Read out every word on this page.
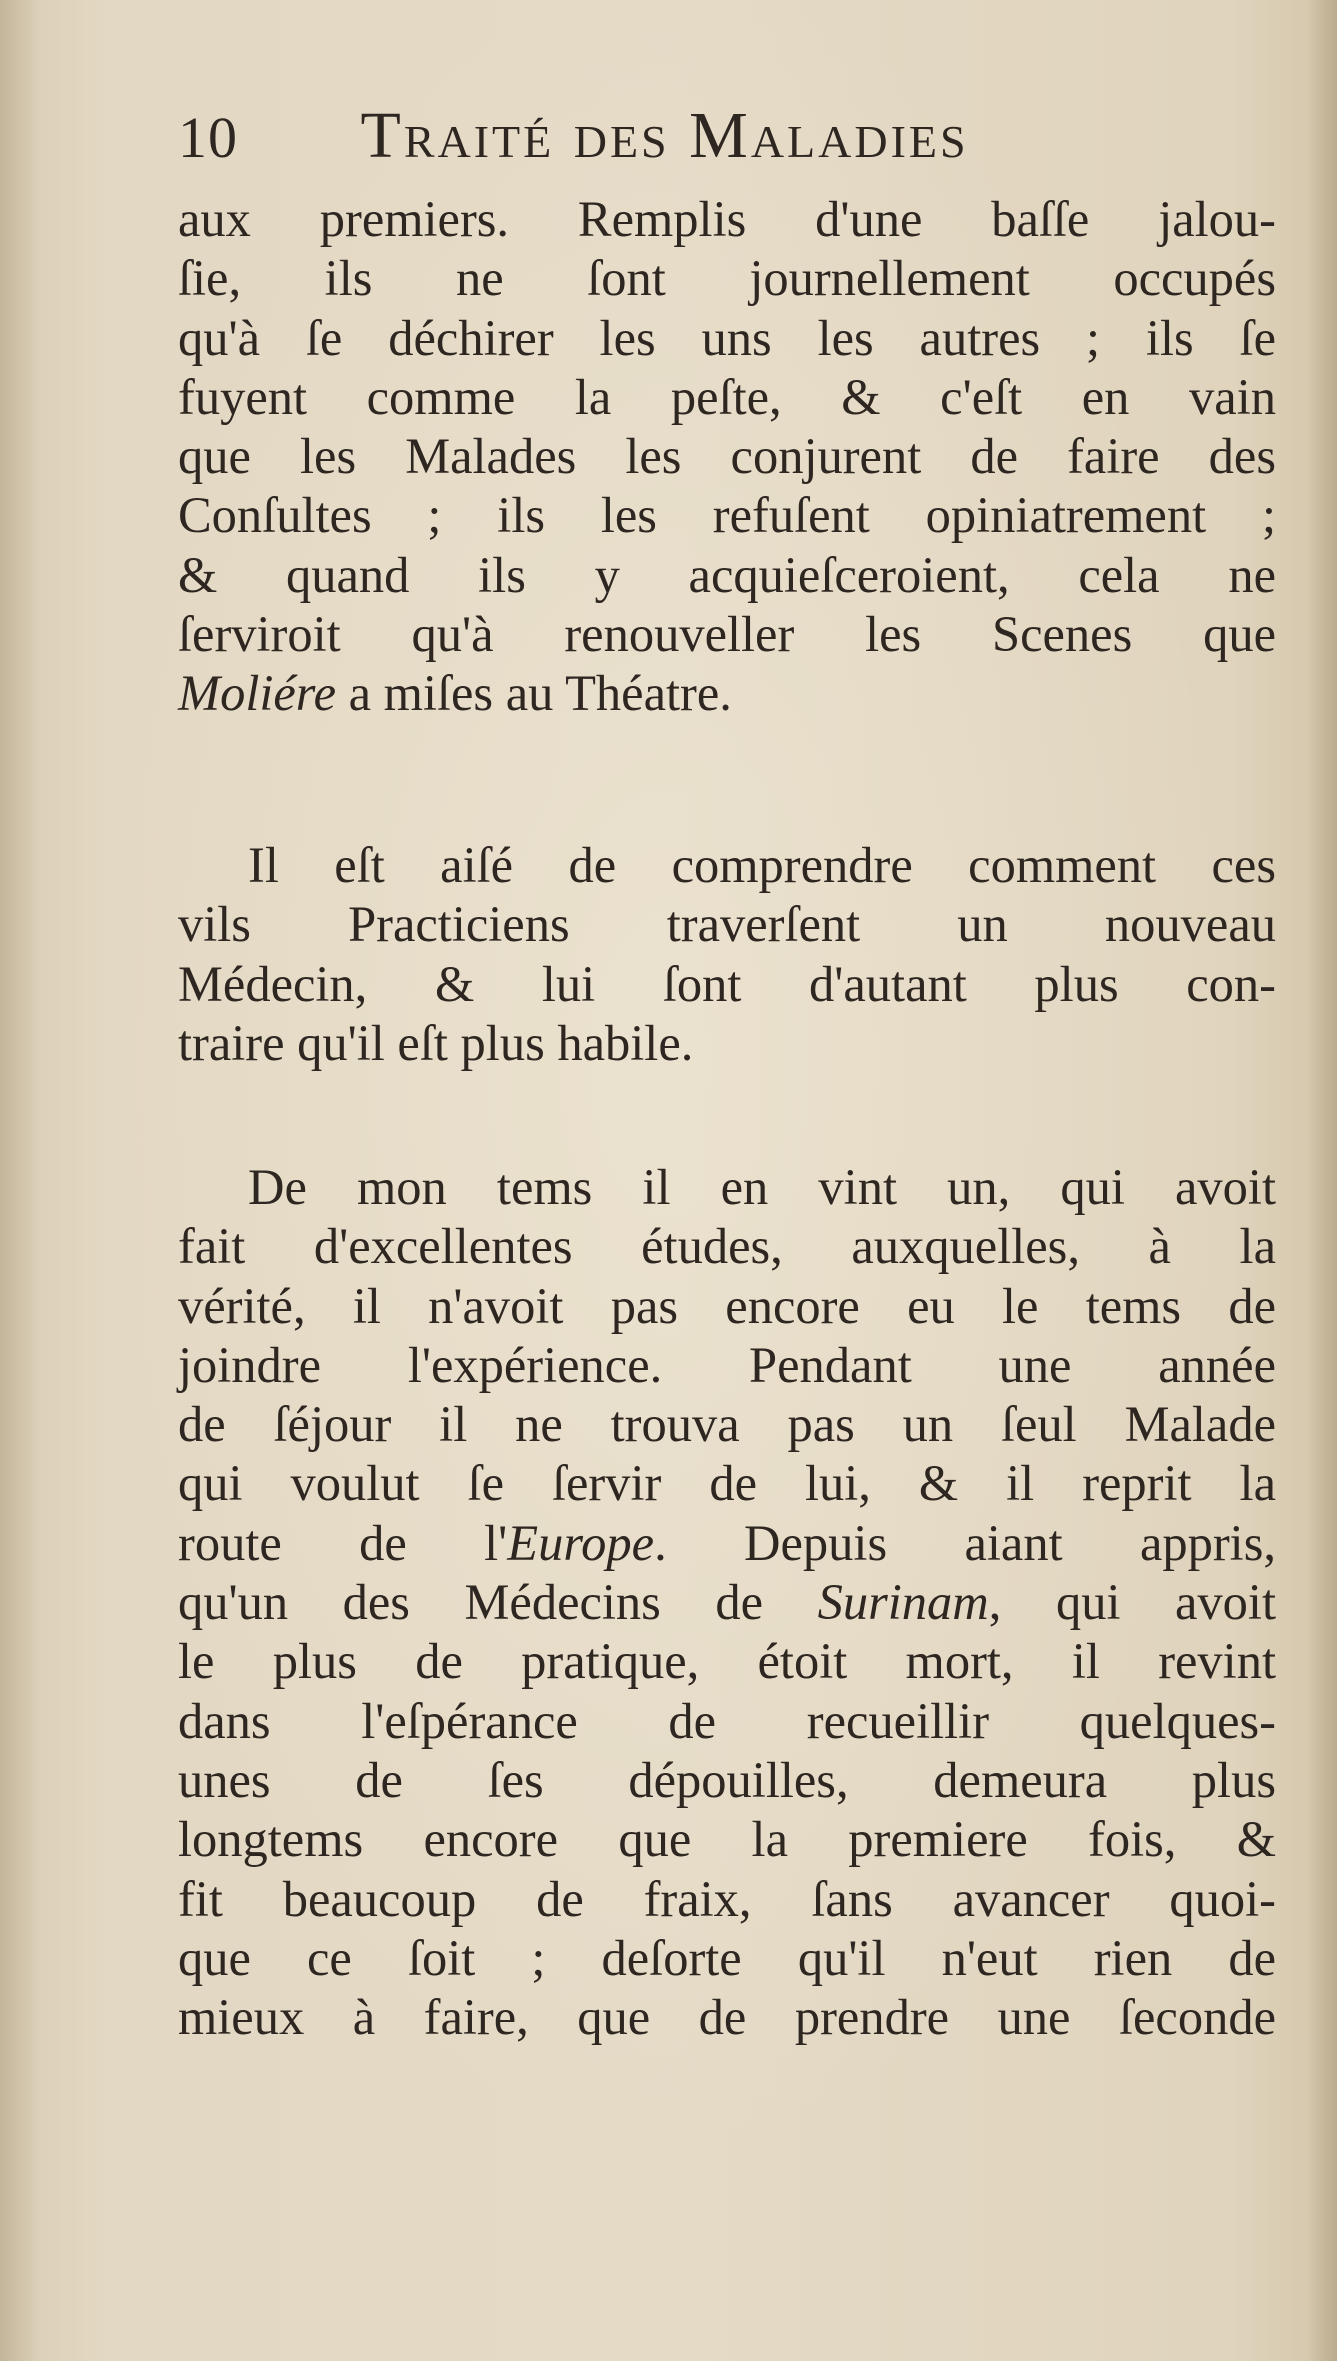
10 Traité des Maladies
aux premiers. Remplis d'une baſſe jalou-
ſie, ils ne ſont journellement occupés
qu'à ſe déchirer les uns les autres ; ils ſe
fuyent comme la peſte, & c'eſt en vain
que les Malades les conjurent de faire des
Conſultes ; ils les refuſent opiniatrement ;
& quand ils y acquieſceroient, cela ne
ſerviroit qu'à renouveller les Scenes que
Moliére a miſes au Théatre.
Il eſt aiſé de comprendre comment ces
vils Practiciens traverſent un nouveau
Médecin, & lui ſont d'autant plus con-
traire qu'il eſt plus habile.
De mon tems il en vint un, qui avoit
fait d'excellentes études, auxquelles, à la
vérité, il n'avoit pas encore eu le tems de
joindre l'expérience. Pendant une année
de ſéjour il ne trouva pas un ſeul Malade
qui voulut ſe ſervir de lui, & il reprit la
route de l'Europe. Depuis aiant appris,
qu'un des Médecins de Surinam, qui avoit
le plus de pratique, étoit mort, il revint
dans l'eſpérance de recueillir quelques-
unes de ſes dépouilles, demeura plus
longtems encore que la premiere fois, &
fit beaucoup de fraix, ſans avancer quoi-
que ce ſoit ; deſorte qu'il n'eut rien de
mieux à faire, que de prendre une ſeconde
